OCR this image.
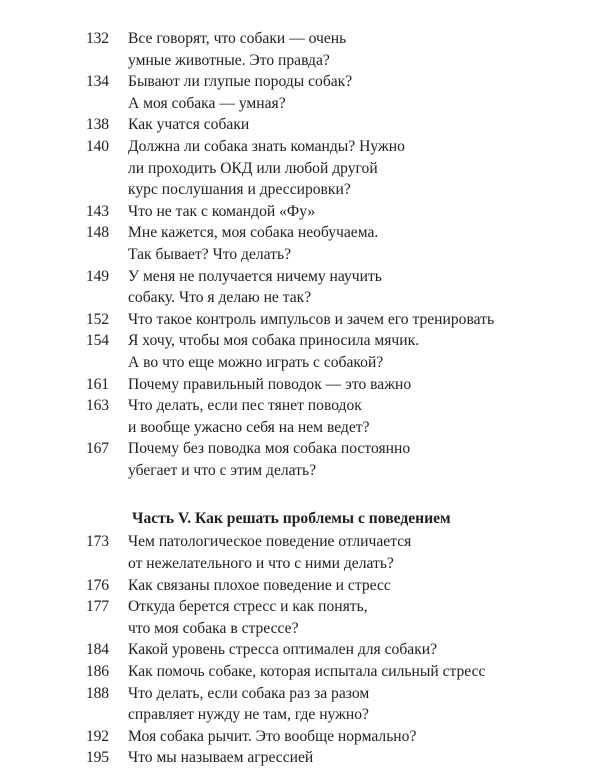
132	Все говорят, что собаки — очень
умные животные. Это правда?
134	Бывают ли глупые породы собак?
А моя собака — умная?
138	Как учатся собаки
140	Должна ли собака знать команды? Нужно
ли проходить ОКД или любой другой
курс послушания и дрессировки?
143	Что не так с командой «Фу»
148	Мне кажется, моя собака необучаема.
Так бывает? Что делать?
149	У меня не получается ничему научить
собаку. Что я делаю не так?
152	Что такое контроль импульсов и зачем его тренировать
154	Я хочу, чтобы моя собака приносила мячик.
А во что еще можно играть с собакой?
161	Почему правильный поводок — это важно
163	Что делать, если пес тянет поводок
и вообще ужасно себя на нем ведет?
167	Почему без поводка моя собака постоянно
убегает и что с этим делать?
Часть V. Как решать проблемы с поведением
173	Чем патологическое поведение отличается
от нежелательного и что с ними делать?
176	Как связаны плохое поведение и стресс
177	Откуда берется стресс и как понять,
что моя собака в стрессе?
184	Какой уровень стресса оптимален для собаки?
186	Как помочь собаке, которая испытала сильный стресс
188	Что делать, если собака раз за разом
справляет нужду не там, где нужно?
192	Моя собака рычит. Это вообще нормально?
195	Что мы называем агрессией
